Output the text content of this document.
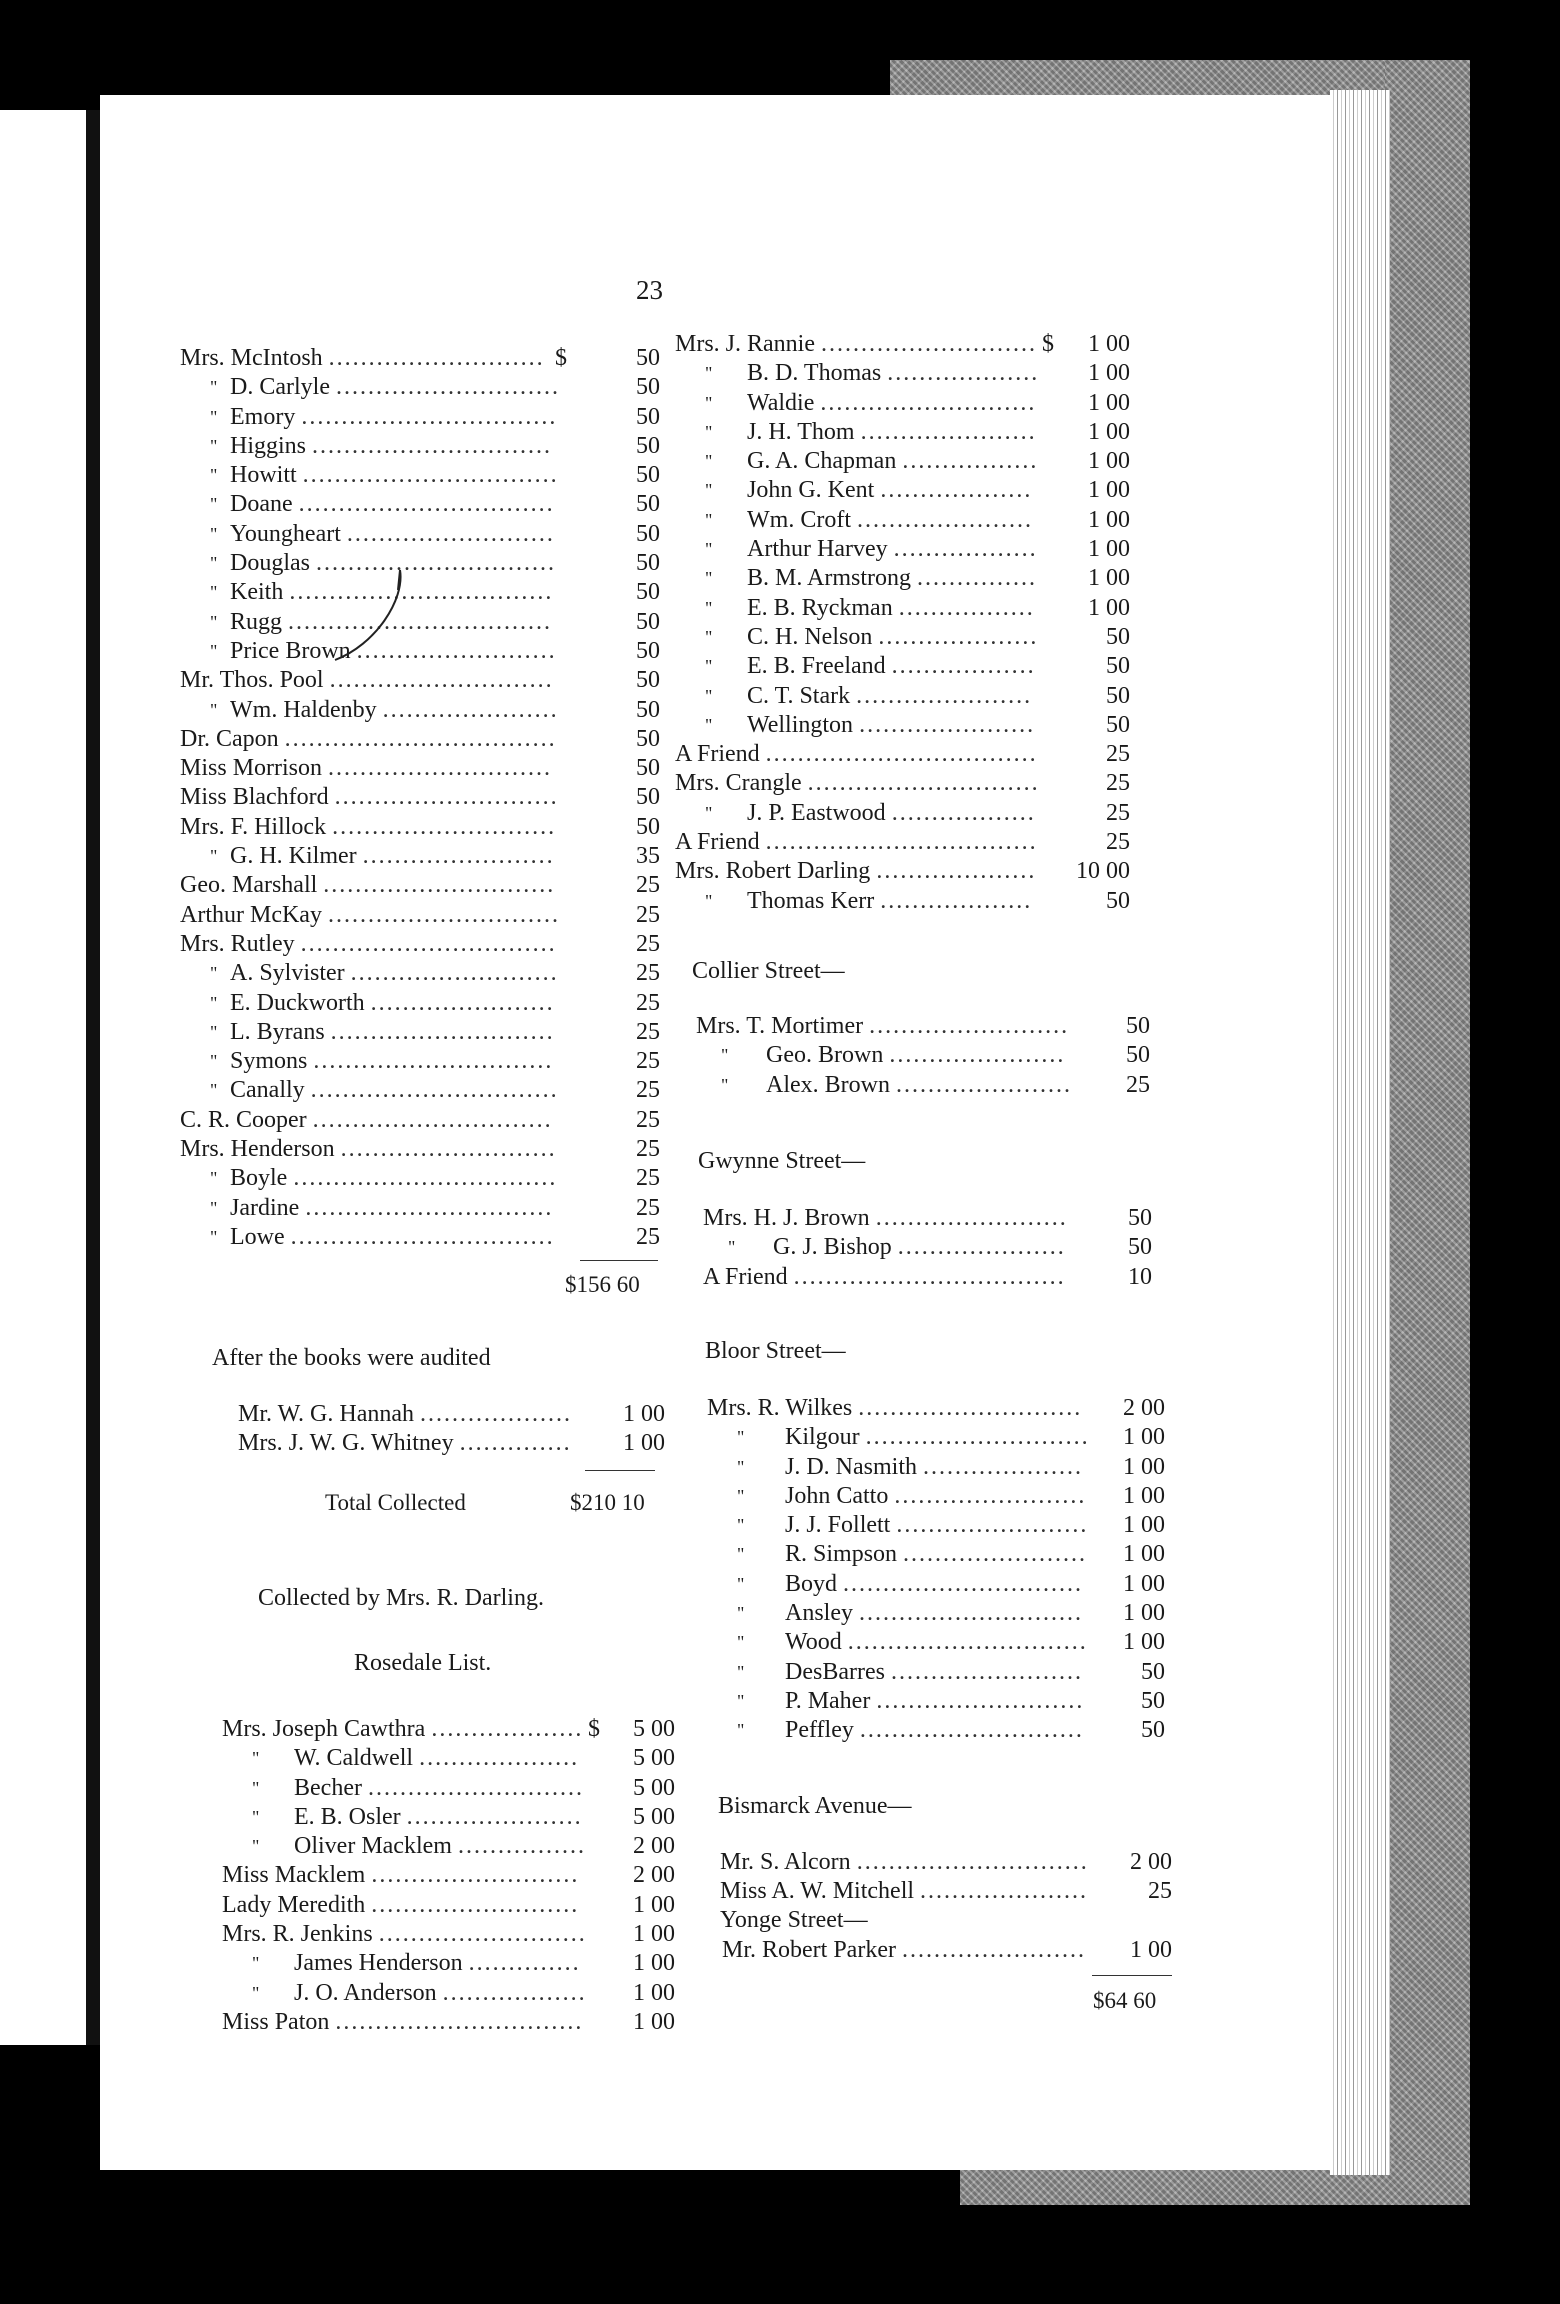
23
Mrs. McIntosh ........................... $	50
" D. Carlyle ............................	50
" Emory ................................	50
" Higgins ..............................	50
" Howitt ................................	50
" Doane ................................	50
" Youngheart ..........................	50
" Douglas ..............................	50
" Keith .................................	50
" Rugg .................................	50
" Price Brown .........................	50
Mr. Thos. Pool ............................	50
" Wm. Haldenby ......................	50
Dr. Capon ..................................	50
Miss Morrison ............................	50
Miss Blachford ............................	50
Mrs. F. Hillock ............................	50
" G. H. Kilmer ........................	35
Geo. Marshall .............................	25
Arthur McKay .............................	25
Mrs. Rutley ................................	25
" A. Sylvister ..........................	25
" E. Duckworth .......................	25
" L. Byrans ............................	25
" Symons ..............................	25
" Canally ...............................	25
C. R. Cooper ..............................	25
Mrs. Henderson ...........................	25
" Boyle .................................	25
" Jardine ...............................	25
" Lowe .................................	25
$156 60
After the books were audited
Mr. W. G. Hannah ................... 1 00
Mrs. J. W. G. Whitney .............. 1 00
Total Collected	$210 10
Collected by Mrs. R. Darling.
Rosedale List.
Mrs. Joseph Cawthra ................... $ 5 00
" W. Caldwell ....................	5 00
" Becher ........................... 5 00
" E. B. Osler ...................... 5 00
" Oliver Macklem ................ 2 00
Miss Macklem ..........................	2 00
Lady Meredith ..........................	1 00
Mrs. R. Jenkins .......................... 1 00
" James Henderson .............. 1 00
" J. O. Anderson .................. 1 00
Miss Paton ............................... 1 00
Mrs. J. Rannie ........................... $ 1 00
" B. D. Thomas ................... 1 00
" Waldie ........................... 1 00
" J. H. Thom ...................... 1 00
" G. A. Chapman ................. 1 00
" John G. Kent ...................	1 00
" Wm. Croft ...................... 1 00
" Arthur Harvey .................. 1 00
" B. M. Armstrong ............... 1 00
" E. B. Ryckman ................. 1 00
" C. H. Nelson ....................	50
" E. B. Freeland ..................	50
" C. T. Stark ......................	50
" Wellington ......................	50
A Friend ..................................	25
Mrs. Crangle .............................	25
" J. P. Eastwood ..................	25
A Friend ..................................	25
Mrs. Robert Darling .................... 10 00
" Thomas Kerr ...................	50
Collier Street—
Mrs. T. Mortimer ......................... 50
" Geo. Brown ......................	50
" Alex. Brown ...................... 25
Gwynne Street—
Mrs. H. J. Brown ........................	50
" G. J. Bishop .....................	50
A Friend ..................................	10
Bloor Street—
Mrs. R. Wilkes ............................	2 00
" Kilgour ............................ 1 00
" J. D. Nasmith .................... 1 00
" John Catto ........................ 1 00
" J. J. Follett ........................ 1 00
" R. Simpson ....................... 1 00
" Boyd .............................. 1 00
" Ansley ............................ 1 00
" Wood .............................. 1 00
" DesBarres ........................ 50
" P. Maher .......................... 50
" Peffley ............................ 50
Bismarck Avenue—
Mr. S. Alcorn ............................. 2 00
Miss A. W. Mitchell ..................... 25
Yonge Street—
Mr. Robert Parker ....................... 1 00
$64 60
